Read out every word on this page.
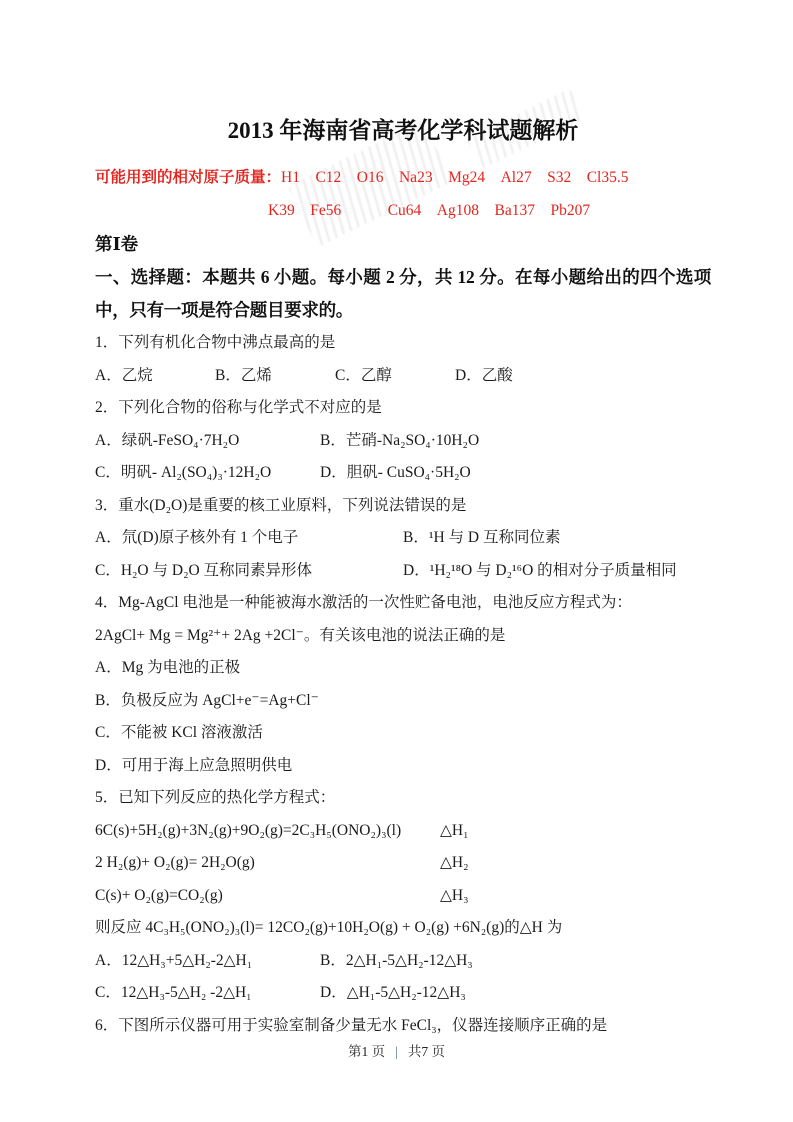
2013 年海南省高考化学科试题解析
可能用到的相对原子质量：H1　C12　O16　Na23　Mg24　Al27　S32　Cl35.5
K39　Fe56　　　Cu64　Ag108　Ba137　Pb207
第Ⅰ卷

一、选择题：本题共 6 小题。每小题 2 分，共 12 分。在每小题给出的四个选项中，只有一项是符合题目要求的。

1．下列有机化合物中沸点最高的是
A．乙烷	B．乙烯	C．乙醇	D．乙酸
2．下列化合物的俗称与化学式不对应的是
A．绿矾-FeSO₄·7H₂O	B．芒硝-Na₂SO₄·10H₂O
C．明矾- Al₂(SO₄)₃·12H₂O	D．胆矾- CuSO₄·5H₂O
3．重水(D₂O)是重要的核工业原料，下列说法错误的是
A．氘(D)原子核外有 1 个电子	B．¹H 与 D 互称同位素
C．H₂O 与 D₂O 互称同素异形体	D．¹H₂¹⁸O 与 D₂¹⁶O 的相对分子质量相同
4．Mg-AgCl 电池是一种能被海水激活的一次性贮备电池，电池反应方程式为：
2AgCl+ Mg = Mg²⁺+ 2Ag +2Cl⁻。有关该电池的说法正确的是
A．Mg 为电池的正极
B．负极反应为 AgCl+e⁻=Ag+Cl⁻
C．不能被 KCl 溶液激活
D．可用于海上应急照明供电
5．已知下列反应的热化学方程式：
6C(s)+5H₂(g)+3N₂(g)+9O₂(g)=2C₃H₅(ONO₂)₃(l)	△H₁
2 H₂(g)+ O₂(g)= 2H₂O(g)	△H₂
C(s)+ O₂(g)=CO₂(g)	△H₃
则反应 4C₃H₅(ONO₂)₃(l)= 12CO₂(g)+10H₂O(g) + O₂(g) +6N₂(g)的△H 为
A．12△H₃+5△H₂-2△H₁	B．2△H₁-5△H₂-12△H₃
C．12△H₃-5△H₂ -2△H₁	D．△H₁-5△H₂-12△H₃
6．下图所示仪器可用于实验室制备少量无水 FeCl₃，仪器连接顺序正确的是
第1 页 | 共7 页
